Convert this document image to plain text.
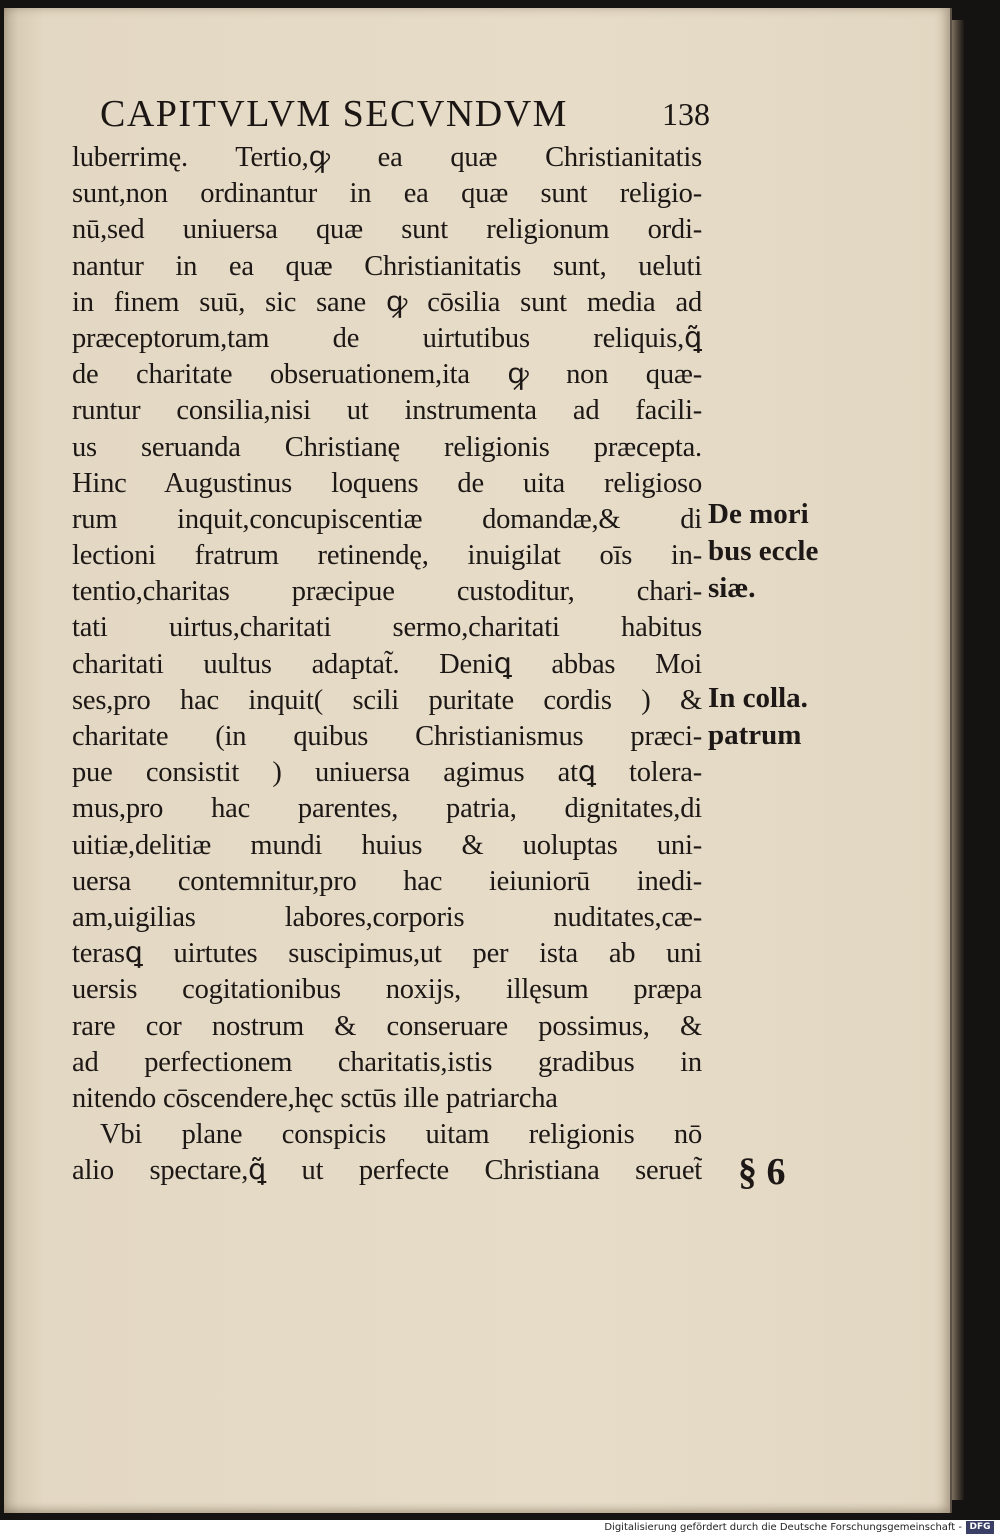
CAPITVLVM SECVNDVM	138
luberrimę. Tertio,ꝙ ea quæ Christianitatis
sunt,non ordinantur in ea quæ sunt religio-
nū,sed uniuersa quæ sunt religionum ordi-
nantur in ea quæ Christianitatis sunt, ueluti
in finem suū, sic sane ꝙ cōsilia sunt media ad
præceptorum,tam de uirtutibus reliquis,ꝗ̃
de charitate obseruationem,ita ꝙ non quæ-
runtur consilia,nisi ut instrumenta ad facili-
us seruanda Christianę religionis præcepta.
Hinc Augustinus loquens de uita religioso
rum inquit,concupiscentiæ domandæ,& di
lectioni fratrum retinendę, inuigilat oīs in-
tentio,charitas præcipue custoditur, chari-
tati uirtus,charitati sermo,charitati habitus
charitati uultus adaptat̃. Deniꝗ abbas Moi
ses,pro hac inquit( scili puritate cordis ) &
charitate (in quibus Christianismus præci-
pue consistit ) uniuersa agimus atꝗ tolera-
mus,pro hac parentes, patria, dignitates,di
uitiæ,delitiæ mundi huius & uoluptas uni-
uersa contemnitur,pro hac ieiuniorū inedi-
am,uigilias labores,corporis nuditates,cæ-
terasꝗ uirtutes suscipimus,ut per ista ab uni
uersis cogitationibus noxijs, illęsum præpa
rare cor nostrum & conseruare possimus, &
ad perfectionem charitatis,istis gradibus in
nitendo cōscendere,hęc sctūs ille patriarcha
Vbi plane conspicis uitam religionis nō
alio spectare,ꝗ̃ ut perfecte Christiana seruet̃
De mori
bus eccle
siæ.
In colla.
patrum
§ 6
Digitalisierung gefördert durch die Deutsche Forschungsgemeinschaft - DFG
